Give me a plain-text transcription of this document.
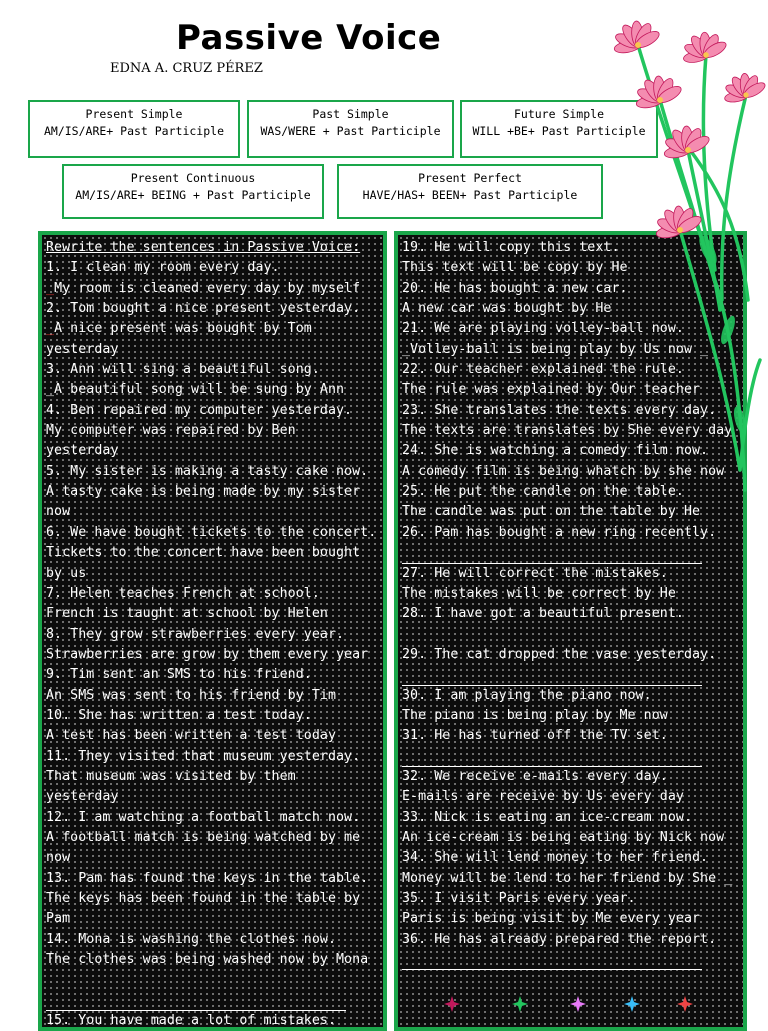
Passive Voice
EDNA A. CRUZ PÉREZ
Present Simple
AM/IS/ARE+ Past Participle
Past Simple
WAS/WERE + Past Participle
Future Simple
WILL +BE+ Past Participle
Present Continuous
AM/IS/ARE+ BEING + Past Participle
Present Perfect
HAVE/HAS+ BEEN+ Past Participle
Rewrite the sentences in Passive Voice:
1. I clean my room every day.
_My room is cleaned every day by myself
2. Tom bought a nice present yesterday.
_A nice present was bought by Tom
yesterday
3. Ann will sing a beautiful song.
_A beautiful song will be sung by Ann
4. Ben repaired my computer yesterday.
My computer was repaired by Ben
yesterday
5. My sister is making a tasty cake now.
A tasty cake is being made by my sister
now
6. We have bought tickets to the concert.
Tickets to the concert have been bought
by us
7. Helen teaches French at school.
French is taught at school by Helen
8. They grow strawberries every year.
Strawberries are grow by them every year
9. Tim sent an SMS to his friend.
An SMS was sent to his friend by Tim
10. She has written a test today.
A test has been written a test today
11. They visited that museum yesterday.
That museum was visited by them
yesterday
12. I am watching a football match now.
A football match is being watched by me
now
13. Pam has found the keys in the table.
The keys has been found in the table by
Pam
14. Mona is washing the clothes now.
The clothes was being washed now by Mona
15. You have made a lot of mistakes.
19. He will copy this text.
This text will be copy by He
20. He has bought a new car.
A new car was bought by He
21. We are playing volley-ball now.
_Volley-ball is being play by Us now _
22. Our teacher explained the rule.
The rule was explained by Our teacher
23. She translates the texts every day.
The texts are translates by She every day
24. She is watching a comedy film now.
A comedy film is being whatch by she now
25. He put the candle on the table.
The candle was put on the table by He
26. Pam has bought a new ring recently.
27. He will correct the mistakes.
The mistakes will be correct by He
28. I have got a beautiful present.
29. The cat dropped the vase yesterday.
30. I am playing the piano now.
The piano is being play by Me now
31. He has turned off the TV set.
32. We receive e-mails every day.
E-mails are receive by Us every day
33. Nick is eating an ice-cream now.
An ice-cream is being eating by Nick now
34. She will lend money to her friend.
Money will be lend to her friend by She _
35. I visit Paris every year.
Paris is being visit by Me every year
36. He has already prepared the report.
